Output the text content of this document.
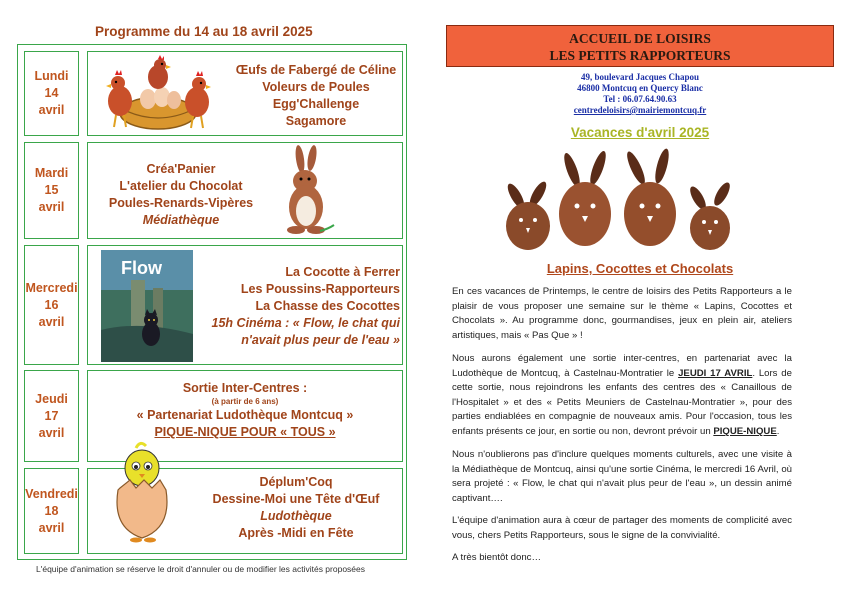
Programme du 14 au 18 avril 2025
Lundi
14
avril
Mardi
15
avril
Mercredi
16
avril
Jeudi
17
avril
Vendredi
18
avril
Œufs de Fabergé de Céline
Voleurs de Poules
Egg'Challenge
Sagamore
Créa'Panier
L'atelier du Chocolat
Poules-Renards-Vipères
Médiathèque
Flow	La Cocotte à Ferrer
Les Poussins-Rapporteurs
La Chasse des Cocottes
15h Cinéma : « Flow, le chat qui
n'avait plus peur de l'eau »
Sortie Inter-Centres :
(à partir de 6 ans)
« Partenariat Ludothèque Montcuq »
PIQUE-NIQUE POUR « TOUS »
Déplum'Coq
Dessine-Moi une Tête d'Œuf
Ludothèque
Après -Midi en Fête
L'équipe d'animation se réserve le droit d'annuler ou de modifier les activités proposées
ACCUEIL DE LOISIRS
LES PETITS RAPPORTEURS
49, boulevard Jacques Chapou
46800 Montcuq en Quercy Blanc
Tel : 06.07.64.90.63
centredeloisirs@mairiemontcuq.fr
Vacances d'avril 2025
Lapins, Cocottes et Chocolats
En ces vacances de Printemps, le centre de loisirs des Petits Rapporteurs a le plaisir de vous proposer une semaine sur le thème « Lapins, Cocottes et Chocolats ». Au programme donc, gourmandises, jeux en plein air, ateliers artistiques, mais « Pas Que » !
Nous aurons également une sortie inter-centres, en partenariat avec la Ludothèque de Montcuq, à Castelnau-Montratier le JEUDI 17 AVRIL. Lors de cette sortie, nous rejoindrons les enfants des centres des « Canaillous de l'Hospitalet » et des « Petits Meuniers de Castelnau-Montratier », pour des parties endiablées en compagnie de nouveaux amis. Pour l'occasion, tous les enfants présents ce jour, en sortie ou non, devront prévoir un PIQUE-NIQUE.
Nous n'oublierons pas d'inclure quelques moments culturels, avec une visite à la Médiathèque de Montcuq, ainsi qu'une sortie Cinéma, le mercredi 16 Avril, où sera projeté : « Flow, le chat qui n'avait plus peur de l'eau », un dessin animé captivant….
L'équipe d'animation aura à cœur de partager des moments de complicité avec vous, chers Petits Rapporteurs, sous le signe de la convivialité.
A très bientôt donc…
